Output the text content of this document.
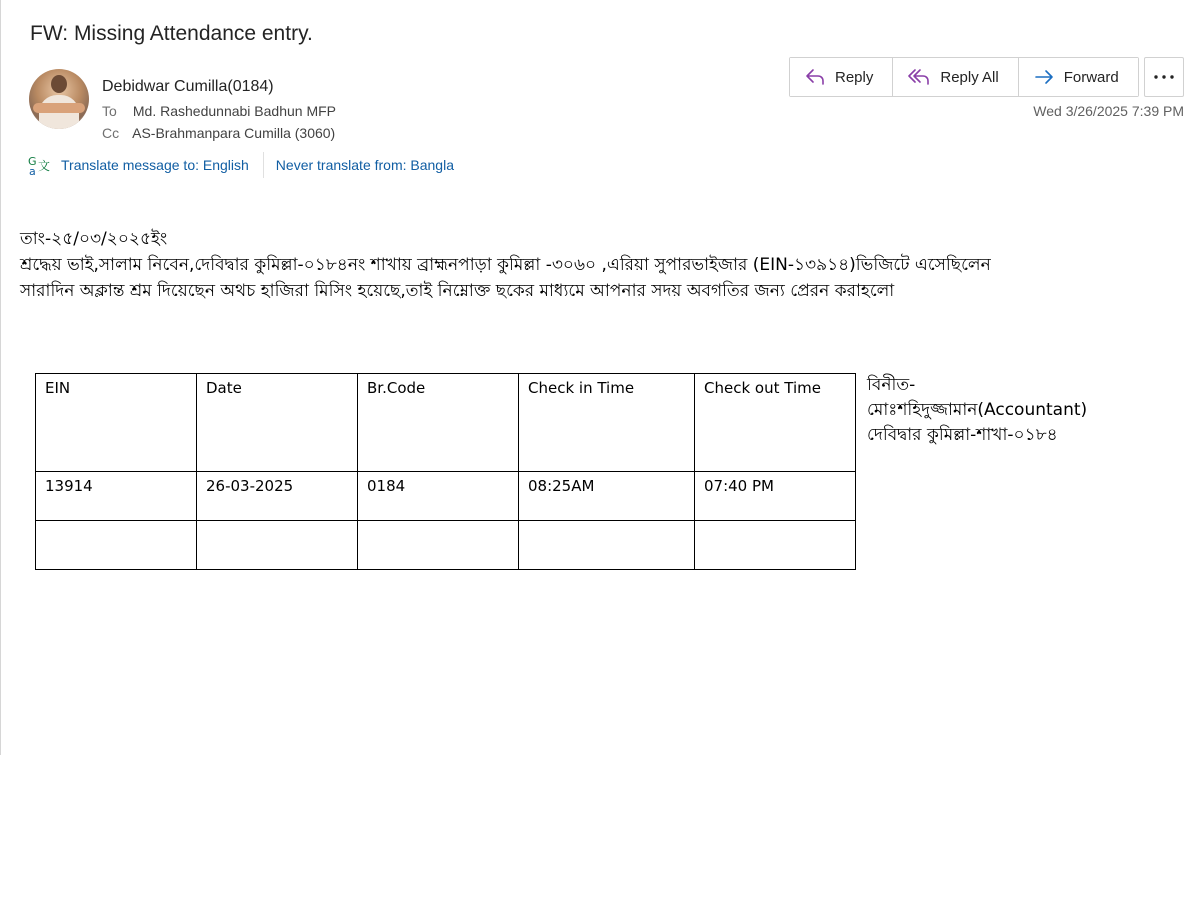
FW: Missing Attendance entry.
Debidwar Cumilla(0184)
To Md. Rashedunnabi Badhun MFP
Cc AS-Brahmanpara Cumilla (3060)
G
a 文 Translate message to: English Never translate from: Bangla
Reply	Reply All	Forward
Wed 3/26/2025 7:39 PM
তাং-২৫/০৩/২০২৫ইং
শ্রদ্ধেয় ভাই,সালাম নিবেন,দেবিদ্বার কুমিল্লা-০১৮৪নং শাখায় ব্রাহ্মনপাড়া কুমিল্লা -৩০৬০ ,এরিয়া সুপারভাইজার (EIN-১৩৯১৪)ভিজিটে এসেছিলেন
সারাদিন অক্লান্ত শ্রম দিয়েছেন অথচ হাজিরা মিসিং হয়েছে,তাই নিম্নোক্ত ছকের মাধ্যমে আপনার সদয় অবগতির জন্য প্রেরন করাহলো
EIN	Date	Br.Code	Check in Time	Check out Time
13914	26-03-2025	0184	08:25AM	07:40 PM

বিনীত-
মোঃশহিদুজ্জামান(Accountant)
দেবিদ্বার কুমিল্লা-শাখা-০১৮৪
